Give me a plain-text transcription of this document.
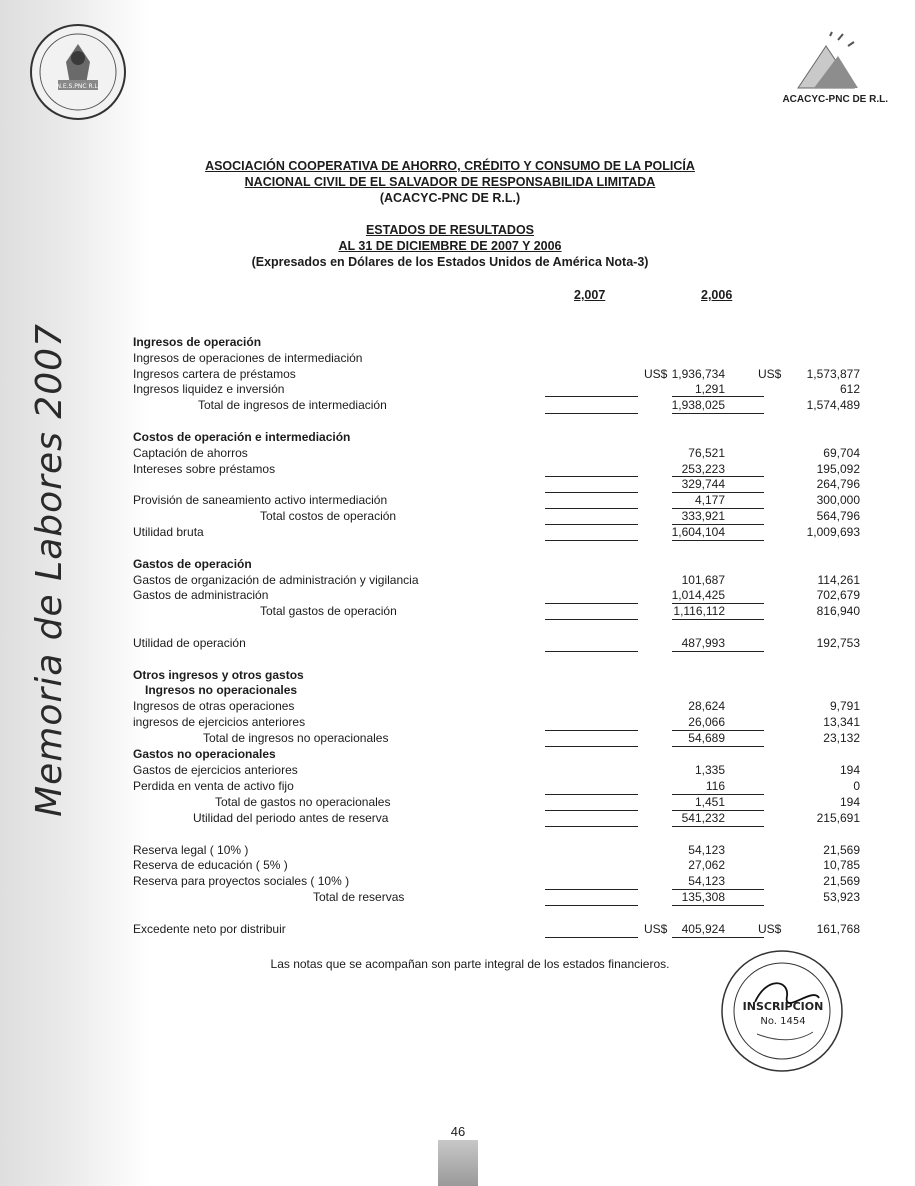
Memoria de Labores 2007
N.E.S.PNC R.L.
ACACYC-PNC DE R.L.
ASOCIACIÓN COOPERATIVA DE AHORRO, CRÉDITO Y CONSUMO DE LA POLICÍA
NACIONAL CIVIL DE EL SALVADOR DE RESPONSABILIDA LIMITADA
(ACACYC-PNC DE R.L.)
ESTADOS DE RESULTADOS
AL 31 DE DICIEMBRE DE 2007 Y 2006
(Expresados en Dólares de los Estados Unidos de América Nota-3)
2,007	2,006
Ingresos de operación
Ingresos de operaciones de intermediación
Ingresos cartera de préstamos	US$ 1,936,734	US$	1,573,877
Ingresos liquidez e inversión	1,291	612
Total de ingresos de intermediación	1,938,025	1,574,489
Costos de operación e intermediación
Captación de ahorros	76,521	69,704
Intereses sobre préstamos	253,223	195,092
329,744	264,796
Provisión de saneamiento activo intermediación	4,177	300,000
Total costos de operación	333,921	564,796
Utilidad bruta	1,604,104	1,009,693
Gastos de operación
Gastos de organización de administración y vigilancia	101,687	114,261
Gastos de administración	1,014,425	702,679
Total gastos de operación	1,116,112	816,940
Utilidad de operación	487,993	192,753
Otros ingresos y otros gastos
Ingresos no operacionales
Ingresos de otras operaciones	28,624	9,791
ingresos de ejercicios anteriores	26,066	13,341
Total de ingresos no operacionales	54,689	23,132
Gastos no operacionales
Gastos de ejercicios anteriores	1,335	194
Perdida en venta de activo fijo	116	0
Total de gastos no operacionales	1,451	194
Utilidad del periodo antes de reserva	541,232	215,691
Reserva legal ( 10% )	54,123	21,569
Reserva de educación ( 5% )	27,062	10,785
Reserva para proyectos sociales ( 10% )	54,123	21,569
Total de reservas	135,308	53,923
Excedente neto por distribuir	US$	405,924	US$	161,768
Las notas que se acompañan son parte integral de los estados financieros.
INSCRIPCION
No. 1454
46
